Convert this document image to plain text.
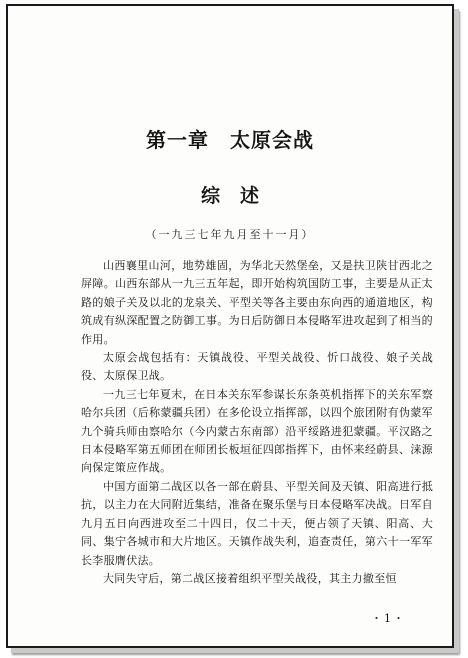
第一章　太原会战
综述
（一九三七年九月至十一月）

山西襄里山河，地势雄固，为华北天然堡垒，又是扶卫陕甘西北之屏障。山西东部从一九三五年起，即开始构筑国防工事，主要是从正太路的娘子关及以北的龙泉关、平型关等各主要由东向西的通道地区，构筑成有纵深配置之防御工事。为日后防御日本侵略军进攻起到了相当的作用。

太原会战包括有：天镇战役、平型关战役、忻口战役、娘子关战役、太原保卫战。

一九三七年夏末，在日本关东军参谋长东条英机指挥下的关东军察哈尔兵团（后称蒙疆兵团）在多伦设立指挥部，以四个旅团附有伪蒙军九个骑兵师由察哈尔（今内蒙古东南部）沿平绥路进犯蒙疆。平汉路之日本侵略军第五师团在师团长板垣征四郎指挥下，由怀来经蔚县、涞源向保定策应作战。

中国方面第二战区以各一部在蔚县、平型关间及天镇、阳高进行抵抗，以主力在大同附近集结，准备在聚乐堡与日本侵略军决战。日军自九月五日向西进攻至二十四日，仅二十天，便占领了天镇、阳高、大同、集宁各城市和大片地区。天镇作战失利，追查责任，第六十一军军长李服膺伏法。

大同失守后，第二战区接着组织平型关战役，其主力撤至恒

・1・
